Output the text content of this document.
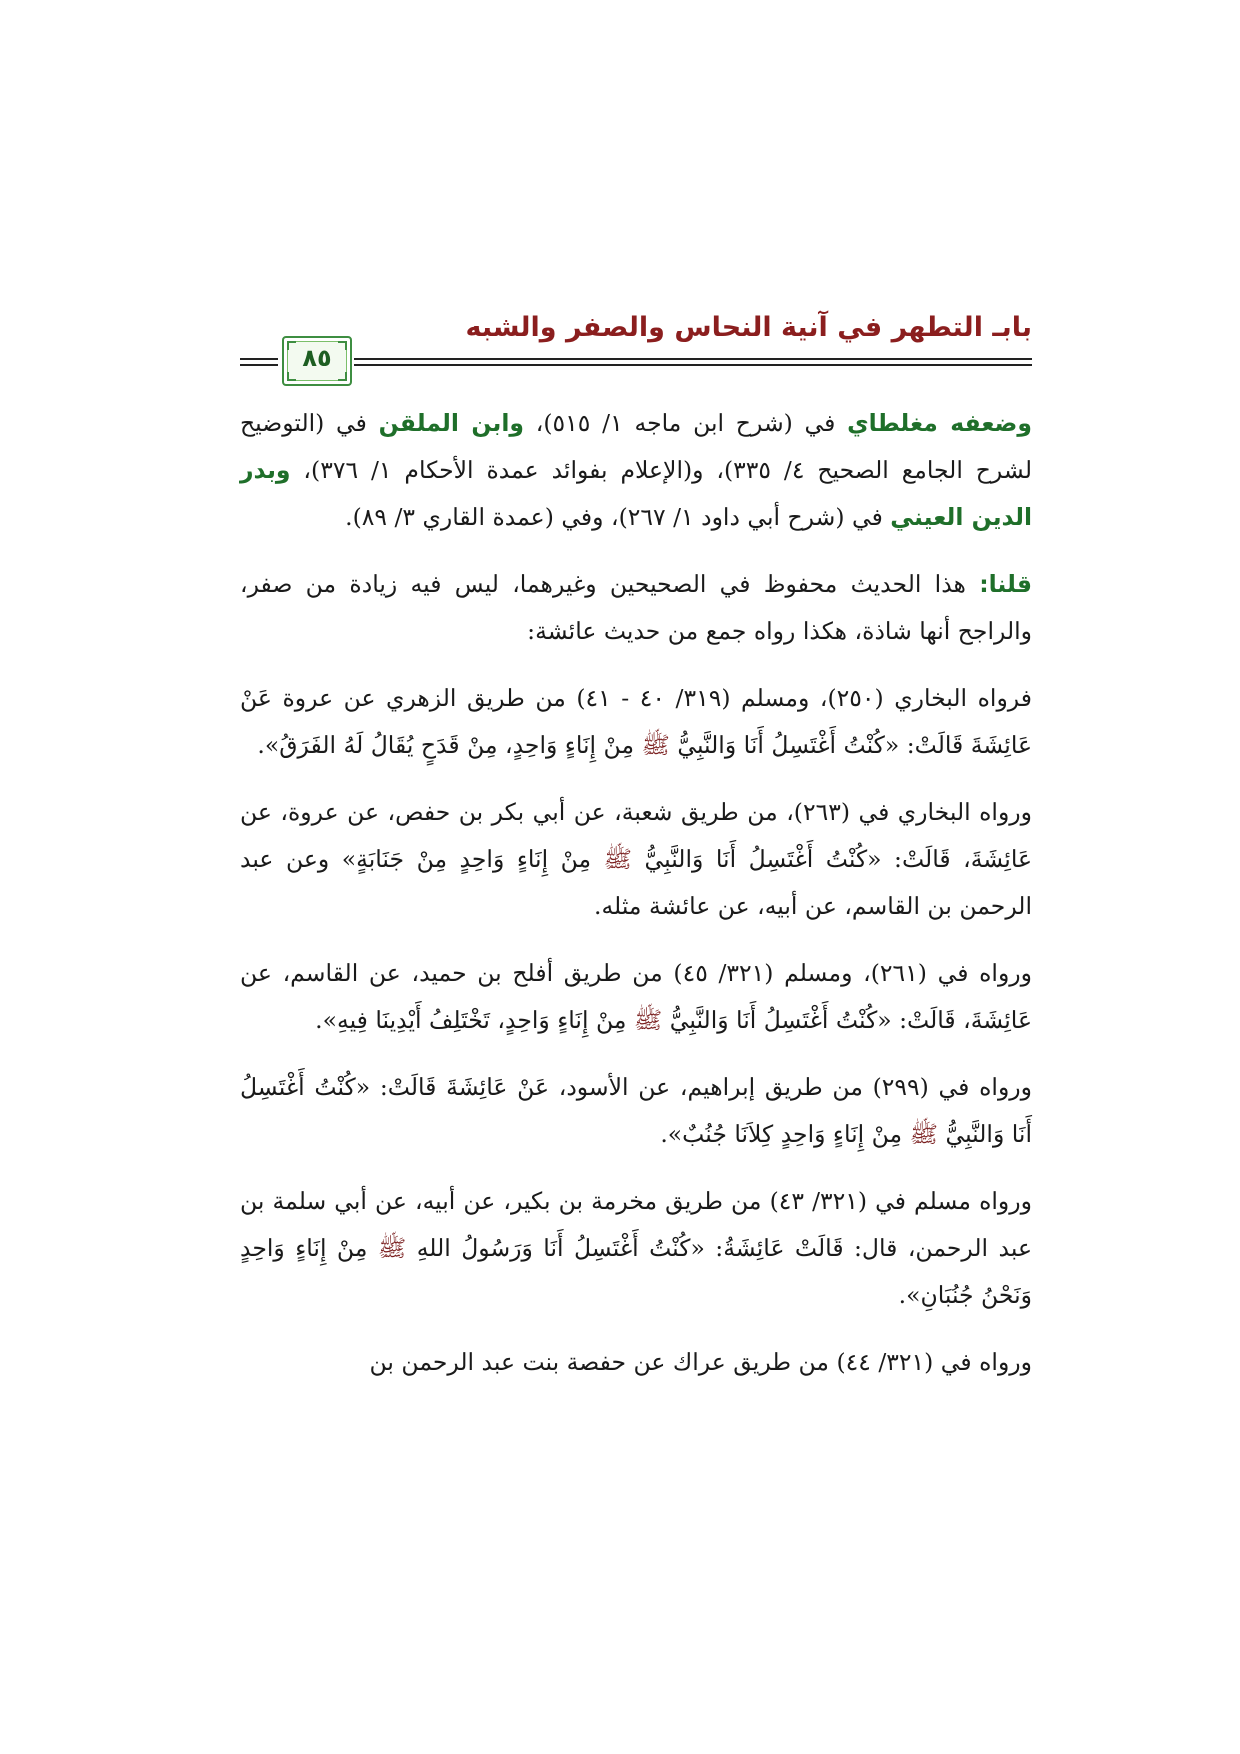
بابـ التطهر في آنية النحاس والصفر والشبه
٨٥

وضعفه مغلطاي في (شرح ابن ماجه ١/ ٥١٥)، وابن الملقن في (التوضيح لشرح الجامع الصحيح ٤/ ٣٣٥)، و(الإعلام بفوائد عمدة الأحكام ١/ ٣٧٦)، وبدر الدين العيني في (شرح أبي داود ١/ ٢٦٧)، وفي (عمدة القاري ٣/ ٨٩).

قلنا: هذا الحديث محفوظ في الصحيحين وغيرهما، ليس فيه زيادة من صفر، والراجح أنها شاذة، هكذا رواه جمع من حديث عائشة:

فرواه البخاري (٢٥٠)، ومسلم (٣١٩/ ٤٠ - ٤١) من طريق الزهري عن عروة عَنْ عَائِشَةَ قَالَتْ: «كُنْتُ أَغْتَسِلُ أَنَا وَالنَّبِيُّ ﷺ مِنْ إِنَاءٍ وَاحِدٍ، مِنْ قَدَحٍ يُقَالُ لَهُ الفَرَقُ».

ورواه البخاري في (٢٦٣)، من طريق شعبة، عن أبي بكر بن حفص، عن عروة، عن عَائِشَةَ، قَالَتْ: «كُنْتُ أَغْتَسِلُ أَنَا وَالنَّبِيُّ ﷺ مِنْ إِنَاءٍ وَاحِدٍ مِنْ جَنَابَةٍ» وعن عبد الرحمن بن القاسم، عن أبيه، عن عائشة مثله.

ورواه في (٢٦١)، ومسلم (٣٢١/ ٤٥) من طريق أفلح بن حميد، عن القاسم، عن عَائِشَةَ، قَالَتْ: «كُنْتُ أَغْتَسِلُ أَنَا وَالنَّبِيُّ ﷺ مِنْ إِنَاءٍ وَاحِدٍ، تَخْتَلِفُ أَيْدِينَا فِيهِ».

ورواه في (٢٩٩) من طريق إبراهيم، عن الأسود، عَنْ عَائِشَةَ قَالَتْ: «كُنْتُ أَغْتَسِلُ أَنَا وَالنَّبِيُّ ﷺ مِنْ إِنَاءٍ وَاحِدٍ كِلاَنَا جُنُبٌ».

ورواه مسلم في (٣٢١/ ٤٣) من طريق مخرمة بن بكير، عن أبيه، عن أبي سلمة بن عبد الرحمن، قال: قَالَتْ عَائِشَةُ: «كُنْتُ أَغْتَسِلُ أَنَا وَرَسُولُ اللهِ ﷺ مِنْ إِنَاءٍ وَاحِدٍ وَنَحْنُ جُنُبَانِ».

ورواه في (٣٢١/ ٤٤) من طريق عراك عن حفصة بنت عبد الرحمن بن
